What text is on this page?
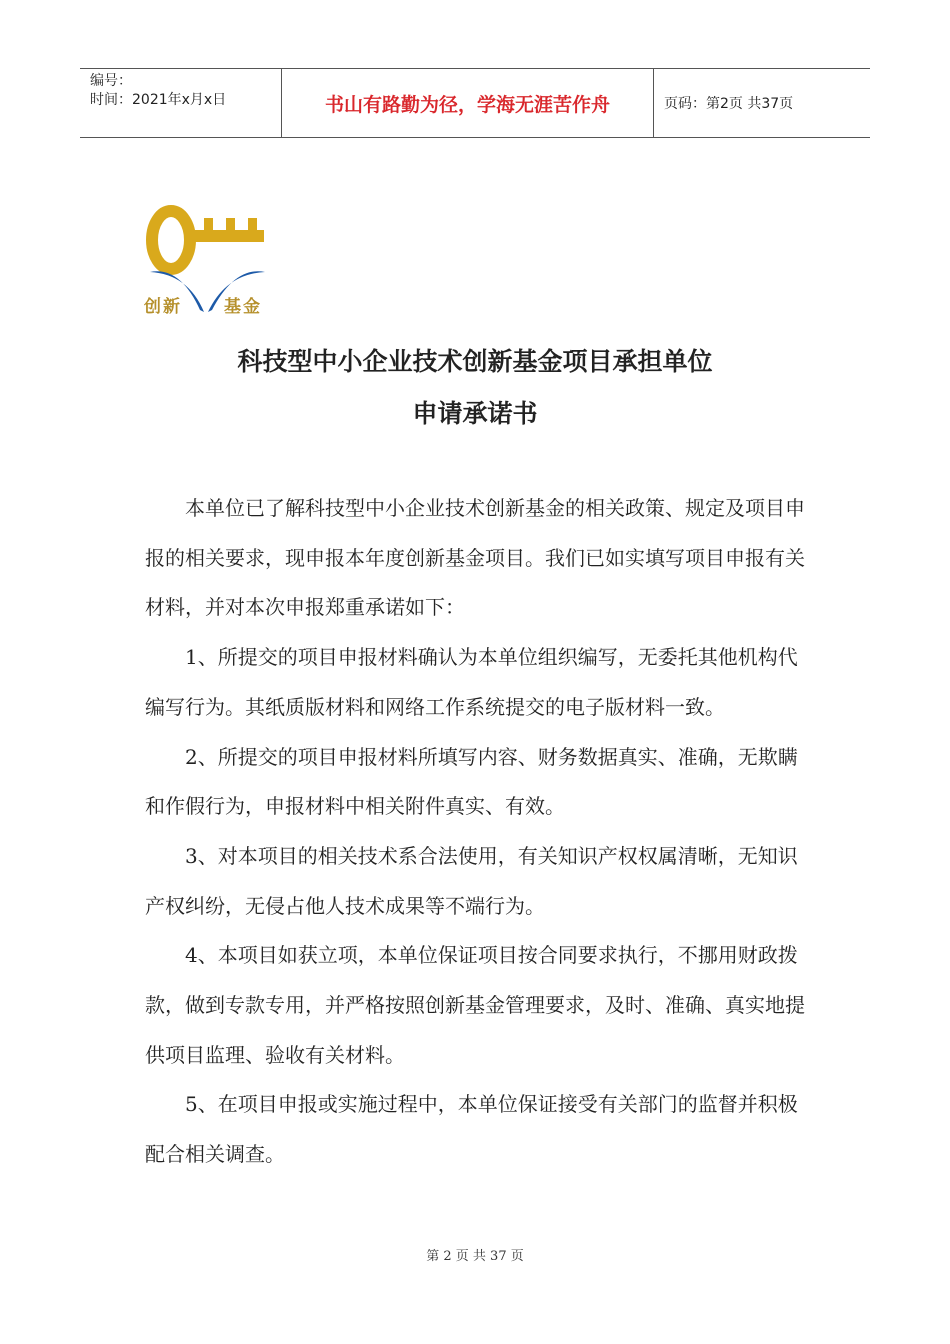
编号：
时间：2021年x月x日	书山有路勤为径，学海无涯苦作舟	页码：第2页 共37页
创新 基金
科技型中小企业技术创新基金项目承担单位
申请承诺书

本单位已了解科技型中小企业技术创新基金的相关政策、规定及项目申报的相关要求，现申报本年度创新基金项目。我们已如实填写项目申报有关材料，并对本次申报郑重承诺如下：

1、所提交的项目申报材料确认为本单位组织编写，无委托其他机构代编写行为。其纸质版材料和网络工作系统提交的电子版材料一致。

2、所提交的项目申报材料所填写内容、财务数据真实、准确，无欺瞒和作假行为，申报材料中相关附件真实、有效。

3、对本项目的相关技术系合法使用，有关知识产权权属清晰，无知识产权纠纷，无侵占他人技术成果等不端行为。

4、本项目如获立项，本单位保证项目按合同要求执行，不挪用财政拨款，做到专款专用，并严格按照创新基金管理要求，及时、准确、真实地提供项目监理、验收有关材料。

5、在项目申报或实施过程中，本单位保证接受有关部门的监督并积极配合相关调查。

第 2 页 共 37 页
